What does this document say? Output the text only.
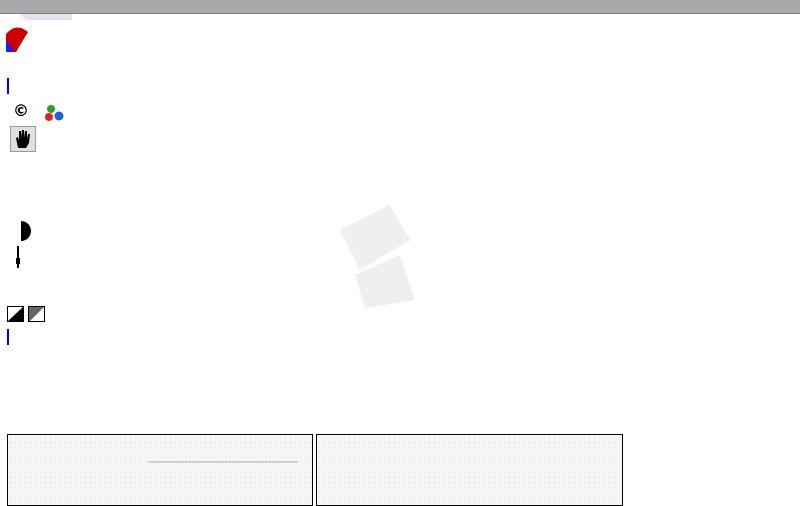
©
